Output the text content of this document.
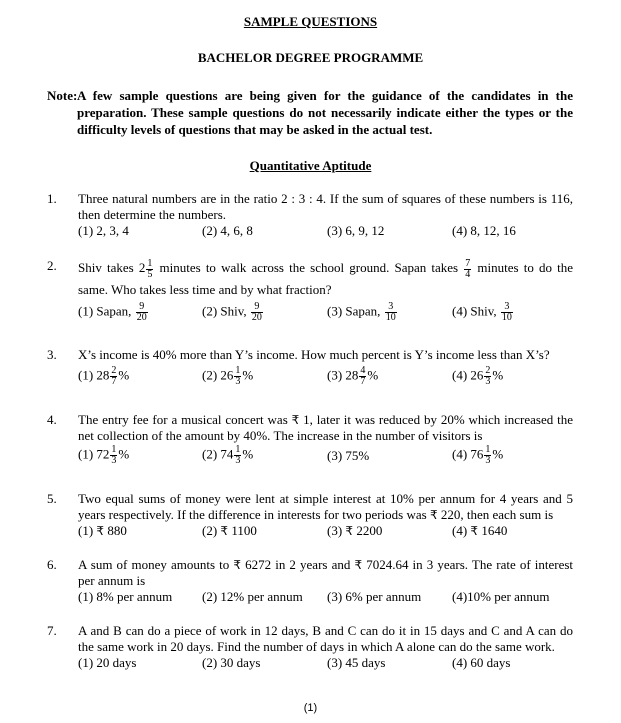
SAMPLE QUESTIONS
BACHELOR DEGREE PROGRAMME
Note: A few sample questions are being given for the guidance of the candidates in the preparation. These sample questions do not necessarily indicate either the types or the difficulty levels of questions that may be asked in the actual test.
Quantitative Aptitude
1. Three natural numbers are in the ratio 2 : 3 : 4. If the sum of squares of these numbers is 116, then determine the numbers.
(1) 2, 3, 4	(2) 4, 6, 8	(3) 6, 9, 12	(4) 8, 12, 16
2. Shiv takes $2 \frac{1}{5}$ minutes to walk across the school ground. Sapan takes $\frac{7}{4}$ minutes to do the same. Who takes less time and by what fraction?
(1) Sapan, $\frac{9}{20}$	(2) Shiv, $\frac{9}{20}$	(3) Sapan, $\frac{3}{10}$	(4) Shiv, $\frac{3}{10}$
3. X’s income is 40% more than Y’s income. How much percent is Y’s income less than X’s?
(1) $28 \frac{2}{7}$ %	(2) $26 \frac{1}{3}$ %	(3) $28 \frac{4}{7}$ %	(4) $26 \frac{2}{3}$ %
4. The entry fee for a musical concert was ₹ 1, later it was reduced by 20% which increased the net collection of the amount by 40%. The increase in the number of visitors is
(1) $72 \frac{1}{3}$ %	(2) $74 \frac{1}{3}$ %	(3) 75%	(4) $76 \frac{1}{3}$ %
5. Two equal sums of money were lent at simple interest at 10% per annum for 4 years and 5 years respectively. If the difference in interests for two periods was ₹ 220, then each sum is
(1) ₹ 880	(2) ₹ 1100	(3) ₹ 2200	(4) ₹ 1640
6. A sum of money amounts to ₹ 6272 in 2 years and ₹ 7024.64 in 3 years. The rate of interest per annum is
(1) 8% per annum (2) 12% per annum (3) 6% per annum (4)10% per annum
7. A and B can do a piece of work in 12 days, B and C can do it in 15 days and C and A can do the same work in 20 days. Find the number of days in which A alone can do the same work.
(1) 20 days	(2) 30 days	(3) 45 days	(4) 60 days
(1)
